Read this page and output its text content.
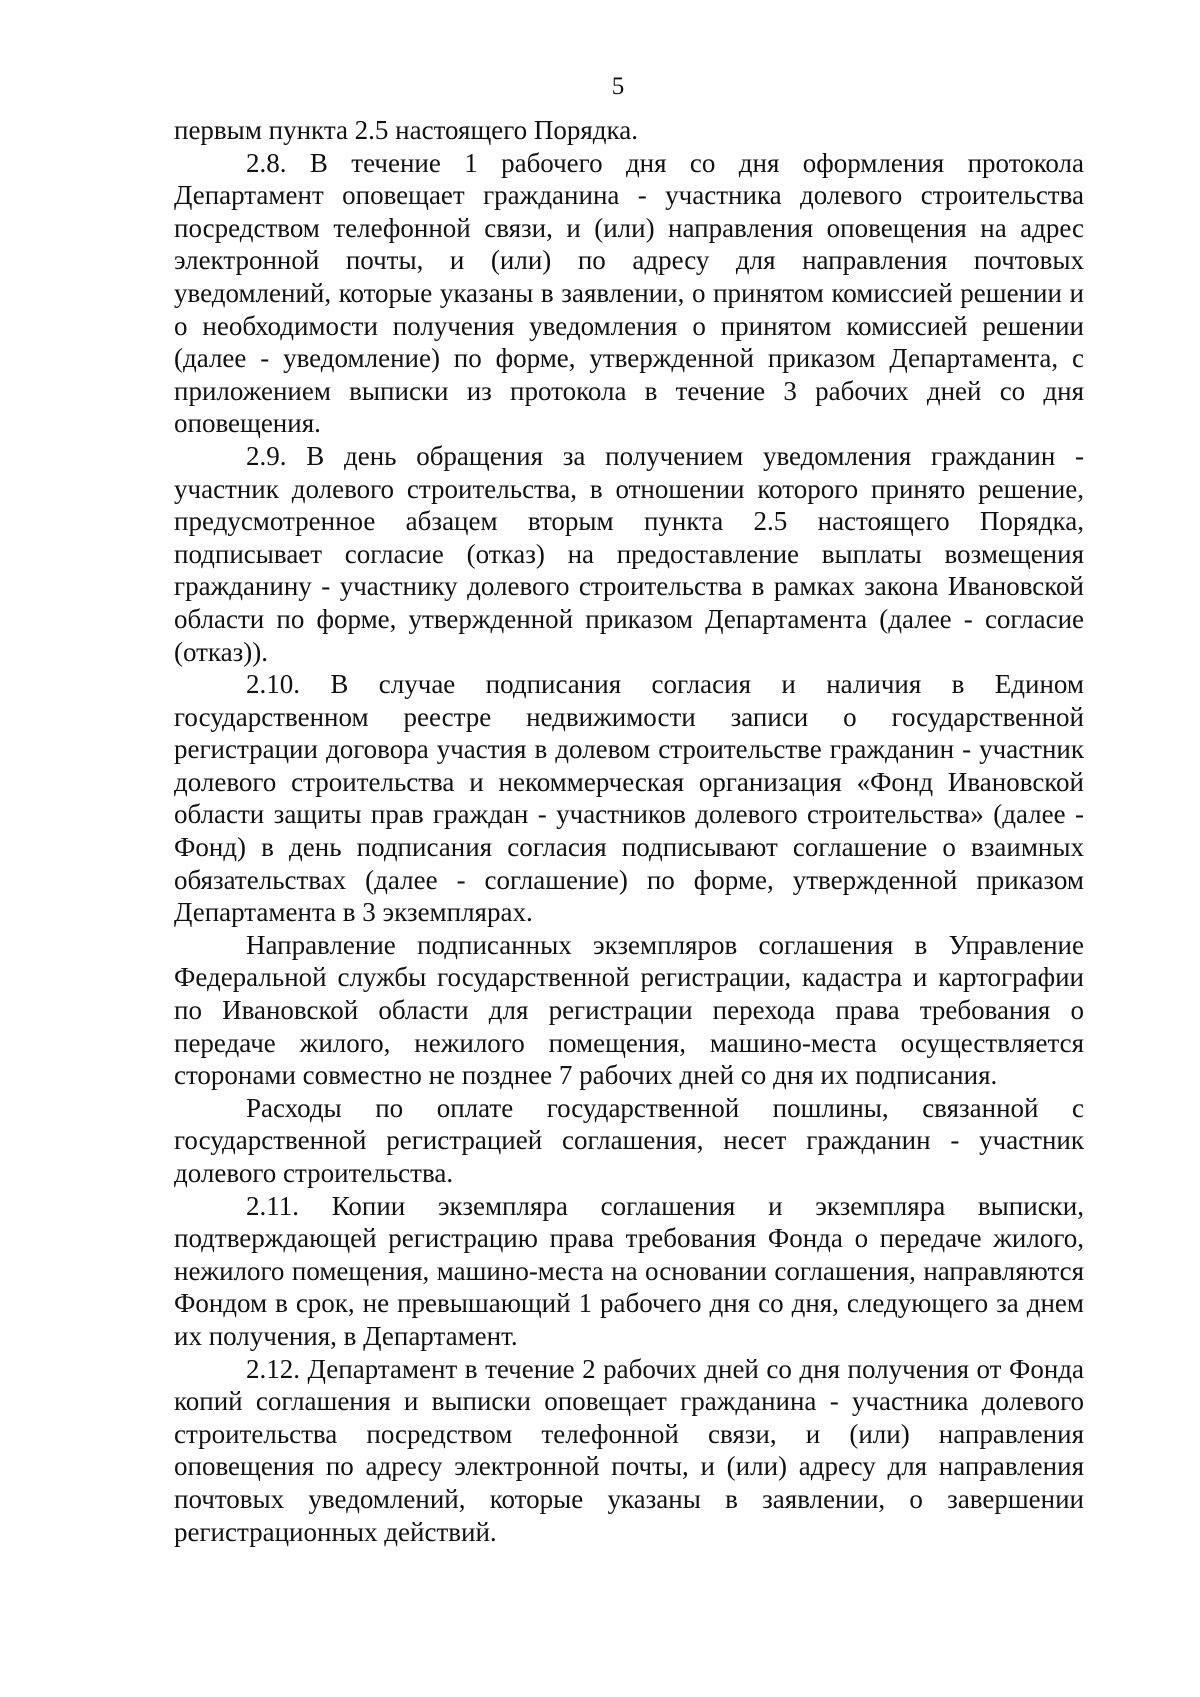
5

первым пункта 2.5 настоящего Порядка.

2.8. В течение 1 рабочего дня со дня оформления протокола Департамент оповещает гражданина - участника долевого строительства посредством телефонной связи, и (или) направления оповещения на адрес электронной почты, и (или) по адресу для направления почтовых уведомлений, которые указаны в заявлении, о принятом комиссией решении и о необходимости получения уведомления о принятом комиссией решении (далее - уведомление) по форме, утвержденной приказом Департамента, с приложением выписки из протокола в течение 3 рабочих дней со дня оповещения.

2.9. В день обращения за получением уведомления гражданин - участник долевого строительства, в отношении которого принято решение, предусмотренное абзацем вторым пункта 2.5 настоящего Порядка, подписывает согласие (отказ) на предоставление выплаты возмещения гражданину - участнику долевого строительства в рамках закона Ивановской области по форме, утвержденной приказом Департамента (далее - согласие (отказ)).

2.10. В случае подписания согласия и наличия в Едином государственном реестре недвижимости записи о государственной регистрации договора участия в долевом строительстве гражданин - участник долевого строительства и некоммерческая организация «Фонд Ивановской области защиты прав граждан - участников долевого строительства» (далее - Фонд) в день подписания согласия подписывают соглашение о взаимных обязательствах (далее - соглашение) по форме, утвержденной приказом Департамента в 3 экземплярах.

Направление подписанных экземпляров соглашения в Управление Федеральной службы государственной регистрации, кадастра и картографии по Ивановской области для регистрации перехода права требования о передаче жилого, нежилого помещения, машино-места осуществляется сторонами совместно не позднее 7 рабочих дней со дня их подписания.

Расходы по оплате государственной пошлины, связанной с государственной регистрацией соглашения, несет гражданин - участник долевого строительства.

2.11. Копии экземпляра соглашения и экземпляра выписки, подтверждающей регистрацию права требования Фонда о передаче жилого, нежилого помещения, машино-места на основании соглашения, направляются Фондом в срок, не превышающий 1 рабочего дня со дня, следующего за днем их получения, в Департамент.

2.12. Департамент в течение 2 рабочих дней со дня получения от Фонда копий соглашения и выписки оповещает гражданина - участника долевого строительства посредством телефонной связи, и (или) направления оповещения по адресу электронной почты, и (или) адресу для направления почтовых уведомлений, которые указаны в заявлении, о завершении регистрационных действий.
